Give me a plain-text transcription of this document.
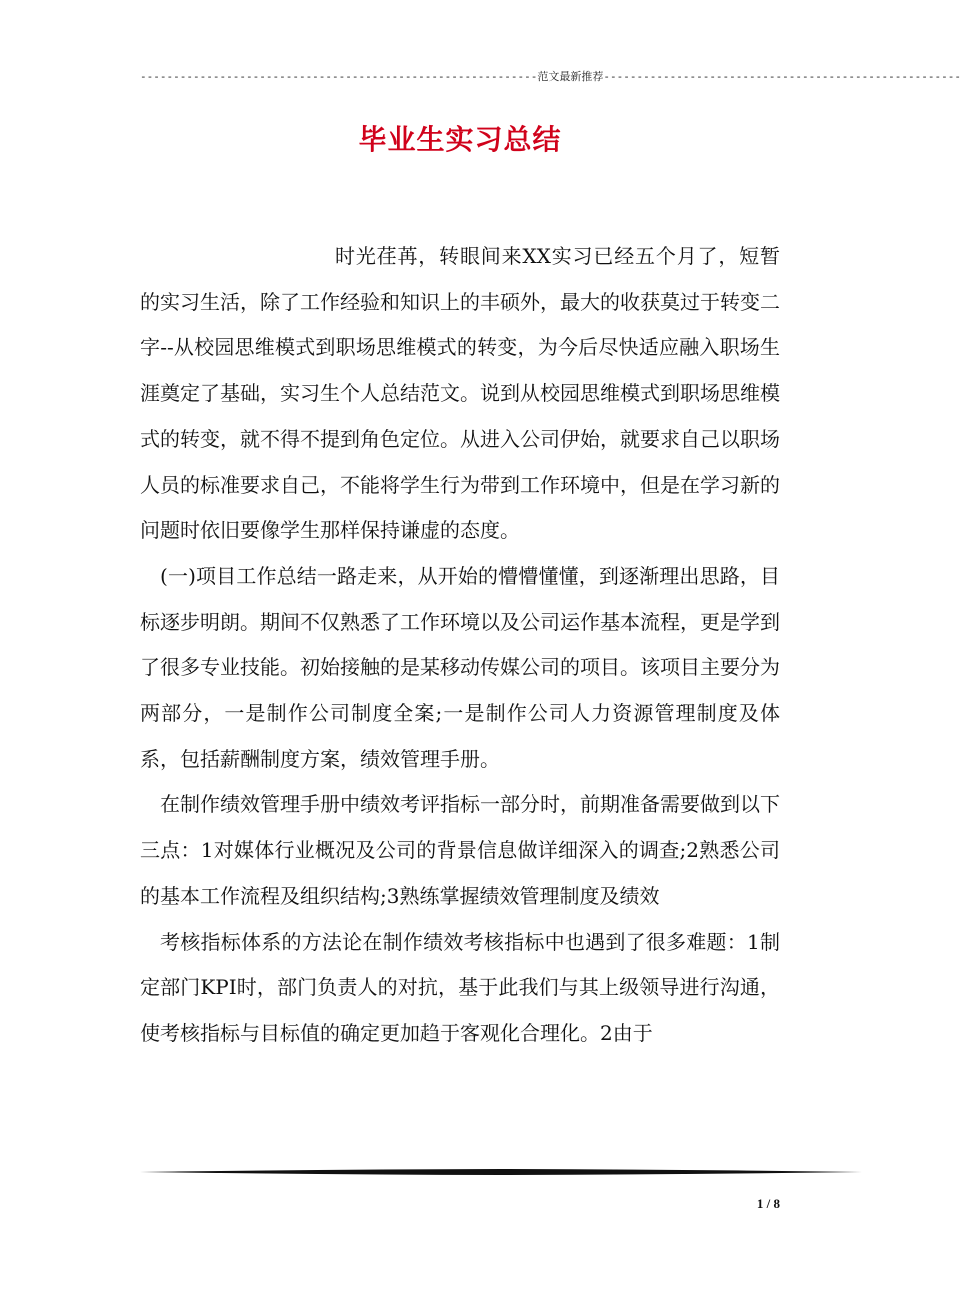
------------------------------------------------------------范文最新推荐------------------------------------------------------
毕业生实习总结

时光荏苒，转眼间来XX实习已经五个月了，短暂的实习生活，除了工作经验和知识上的丰硕外，最大的收获莫过于转变二字--从校园思维模式到职场思维模式的转变，为今后尽快适应融入职场生涯奠定了基础，实习生个人总结范文。说到从校园思维模式到职场思维模式的转变，就不得不提到角色定位。从进入公司伊始，就要求自己以职场人员的标准要求自己，不能将学生行为带到工作环境中，但是在学习新的问题时依旧要像学生那样保持谦虚的态度。

(一)项目工作总结一路走来，从开始的懵懵懂懂，到逐渐理出思路，目标逐步明朗。期间不仅熟悉了工作环境以及公司运作基本流程，更是学到了很多专业技能。初始接触的是某移动传媒公司的项目。该项目主要分为两部分，一是制作公司制度全案;一是制作公司人力资源管理制度及体系，包括薪酬制度方案，绩效管理手册。

在制作绩效管理手册中绩效考评指标一部分时，前期准备需要做到以下三点：1对媒体行业概况及公司的背景信息做详细深入的调查;2熟悉公司的基本工作流程及组织结构;3熟练掌握绩效管理制度及绩效

考核指标体系的方法论在制作绩效考核指标中也遇到了很多难题：1制定部门KPI时，部门负责人的对抗，基于此我们与其上级领导进行沟通，使考核指标与目标值的确定更加趋于客观化合理化。2由于

1 / 8
